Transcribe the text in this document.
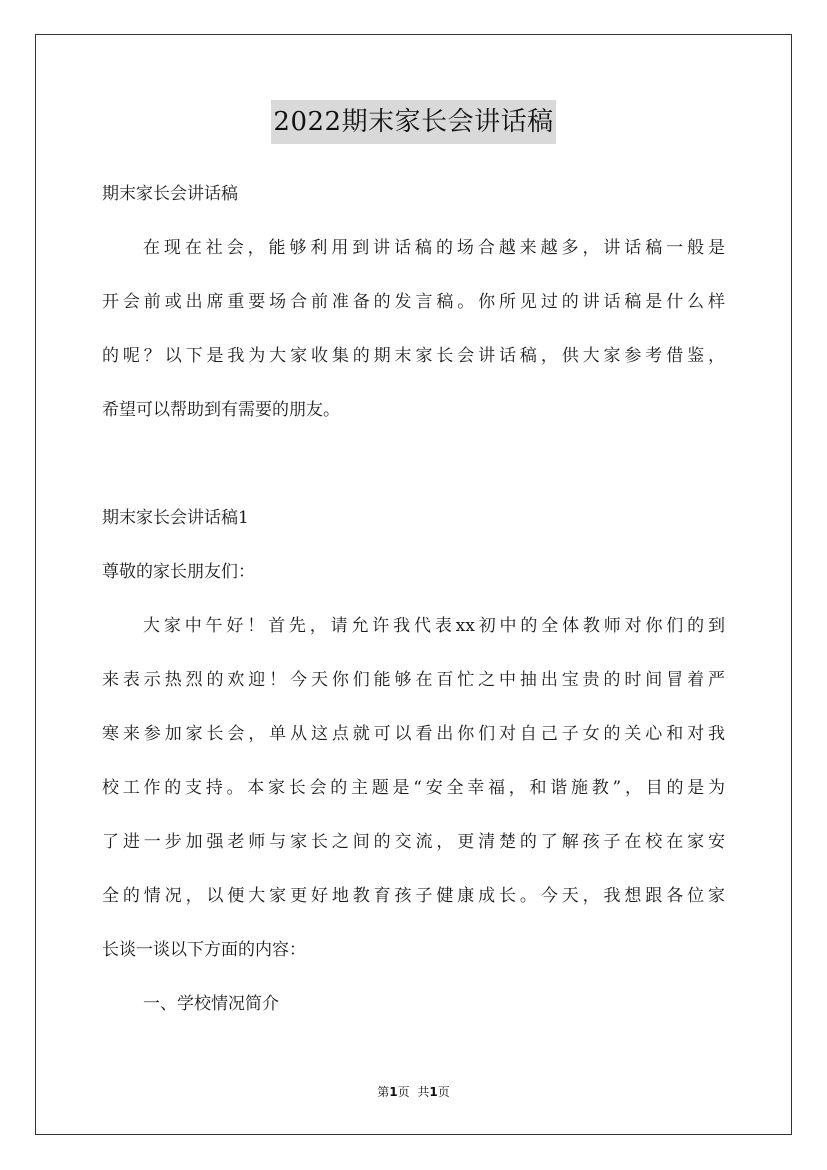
2022期末家长会讲话稿
期末家长会讲话稿
在现在社会，能够利用到讲话稿的场合越来越多，讲话稿一般是
开会前或出席重要场合前准备的发言稿。你所见过的讲话稿是什么样
的呢？以下是我为大家收集的期末家长会讲话稿，供大家参考借鉴，
希望可以帮助到有需要的朋友。
期末家长会讲话稿1
尊敬的家长朋友们：
大家中午好！首先，请允许我代表xx初中的全体教师对你们的到
来表示热烈的欢迎！今天你们能够在百忙之中抽出宝贵的时间冒着严
寒来参加家长会，单从这点就可以看出你们对自己子女的关心和对我
校工作的支持。本家长会的主题是“安全幸福，和谐施教”，目的是为
了进一步加强老师与家长之间的交流，更清楚的了解孩子在校在家安
全的情况，以便大家更好地教育孩子健康成长。今天，我想跟各位家
长谈一谈以下方面的内容：
一、学校情况简介
第1页 共1页
